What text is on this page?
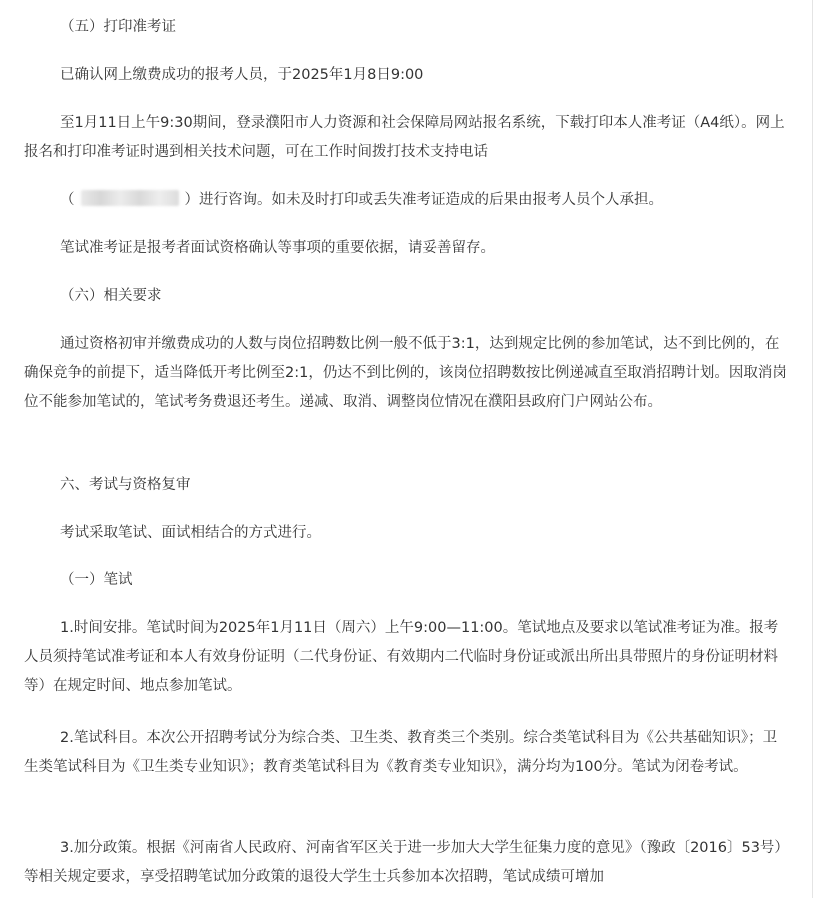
（五）打印准考证

已确认网上缴费成功的报考人员，于2025年1月8日9:00

至1月11日上午9:30期间，登录濮阳市人力资源和社会保障局网站报名系统，下载打印本人准考证（A4纸）。网上报名和打印准考证时遇到相关技术问题，可在工作时间拨打技术支持电话

（	）进行咨询。如未及时打印或丢失准考证造成的后果由报考人员个人承担。

笔试准考证是报考者面试资格确认等事项的重要依据，请妥善留存。

（六）相关要求

通过资格初审并缴费成功的人数与岗位招聘数比例一般不低于3:1，达到规定比例的参加笔试，达不到比例的，在确保竞争的前提下，适当降低开考比例至2:1，仍达不到比例的，该岗位招聘数按比例递减直至取消招聘计划。因取消岗位不能参加笔试的，笔试考务费退还考生。递减、取消、调整岗位情况在濮阳县政府门户网站公布。

六、考试与资格复审

考试采取笔试、面试相结合的方式进行。

（一）笔试

1.时间安排。笔试时间为2025年1月11日（周六）上午9:00—11:00。笔试地点及要求以笔试准考证为准。报考人员须持笔试准考证和本人有效身份证明（二代身份证、有效期内二代临时身份证或派出所出具带照片的身份证明材料等）在规定时间、地点参加笔试。

2.笔试科目。本次公开招聘考试分为综合类、卫生类、教育类三个类别。综合类笔试科目为《公共基础知识》；卫生类笔试科目为《卫生类专业知识》；教育类笔试科目为《教育类专业知识》，满分均为100分。笔试为闭卷考试。

3.加分政策。根据《河南省人民政府、河南省军区关于进一步加大大学生征集力度的意见》（豫政〔2016〕53号）等相关规定要求，享受招聘笔试加分政策的退役大学生士兵参加本次招聘，笔试成绩可增加
